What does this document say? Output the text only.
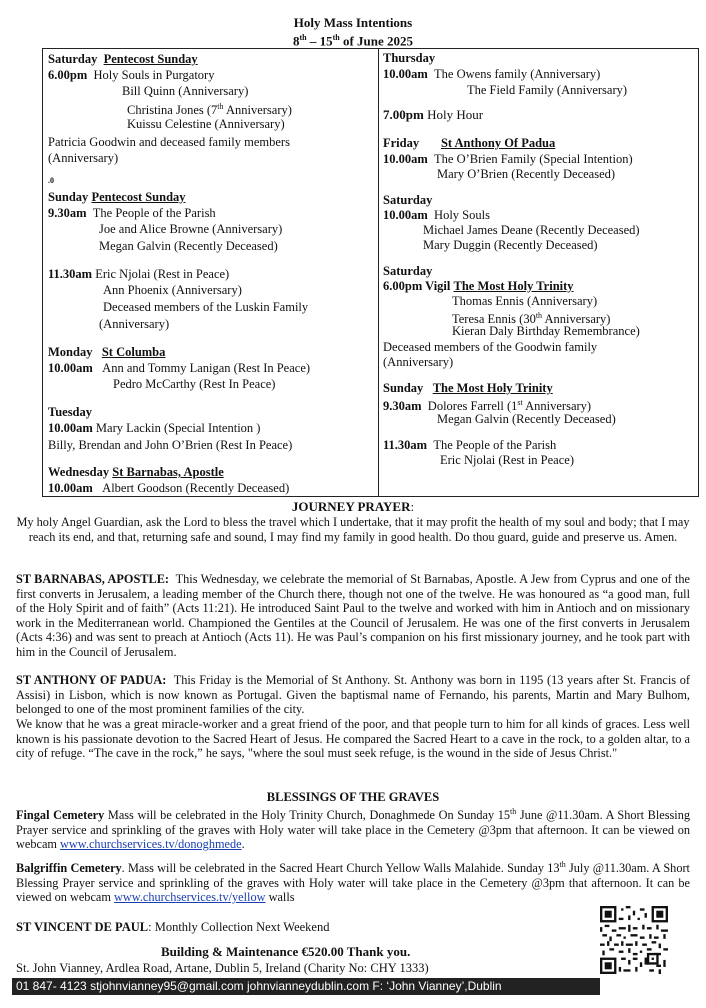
Holy Mass Intentions
8th – 15th of June 2025
Saturday Pentecost Sunday
6.00pm Holy Souls in Purgatory
Bill Quinn (Anniversary)
Christina Jones (7th Anniversary)
Kuissu Celestine (Anniversary)
Patricia Goodwin and deceased family members
(Anniversary)
.0
Sunday Pentecost Sunday
9.30am The People of the Parish
Joe and Alice Browne (Anniversary)
Megan Galvin (Recently Deceased)
11.30am Eric Njolai (Rest in Peace)
Ann Phoenix (Anniversary)
Deceased members of the Luskin Family
(Anniversary)
Monday St Columba
10.00am Ann and Tommy Lanigan (Rest In Peace)
Pedro McCarthy (Rest In Peace)
Tuesday
10.00am Mary Lackin (Special Intention )
Billy, Brendan and John O’Brien (Rest In Peace)
Wednesday St Barnabas, Apostle
10.00am Albert Goodson (Recently Deceased)
Thursday
10.00am The Owens family (Anniversary)
The Field Family (Anniversary)
7.00pm Holy Hour
Friday St Anthony Of Padua
10.00am The O’Brien Family (Special Intention)
Mary O’Brien (Recently Deceased)
Saturday
10.00am Holy Souls
Michael James Deane (Recently Deceased)
Mary Duggin (Recently Deceased)
Saturday
6.00pm Vigil The Most Holy Trinity
Thomas Ennis (Anniversary)
Teresa Ennis (30th Anniversary)
Kieran Daly Birthday Remembrance)
Deceased members of the Goodwin family
(Anniversary)
Sunday The Most Holy Trinity
9.30am  Dolores Farrell (1st Anniversary)
Megan Galvin (Recently Deceased)
11.30am The People of the Parish
Eric Njolai (Rest in Peace)
JOURNEY PRAYER:
My holy Angel Guardian, ask the Lord to bless the travel which I undertake, that it may profit the health of my soul and body; that I may reach its end, and that, returning safe and sound, I may find my family in good health. Do thou guard, guide and preserve us. Amen.
ST BARNABAS, APOSTLE: This Wednesday, we celebrate the memorial of St Barnabas, Apostle. A Jew from Cyprus and one of the first converts in Jerusalem, a leading member of the Church there, though not one of the twelve. He was honoured as “a good man, full of the Holy Spirit and of faith” (Acts 11:21). He introduced Saint Paul to the twelve and worked with him in Antioch and on missionary work in the Mediterranean world. Championed the Gentiles at the Council of Jerusalem. He was one of the first converts in Jerusalem (Acts 4:36) and was sent to preach at Antioch (Acts 11). He was Paul’s companion on his first missionary journey, and he took part with him in the Council of Jerusalem.
ST ANTHONY OF PADUA: This Friday is the Memorial of St Anthony. St. Anthony was born in 1195 (13 years after St. Francis of Assisi) in Lisbon, which is now known as Portugal. Given the baptismal name of Fernando, his parents, Martin and Mary Bulhom, belonged to one of the most prominent families of the city.
We know that he was a great miracle-worker and a great friend of the poor, and that people turn to him for all kinds of graces. Less well known is his passionate devotion to the Sacred Heart of Jesus. He compared the Sacred Heart to a cave in the rock, to a golden altar, to a city of refuge. “The cave in the rock,” he says, "where the soul must seek refuge, is the wound in the side of Jesus Christ."
BLESSINGS OF THE GRAVES
Fingal Cemetery Mass will be celebrated in the Holy Trinity Church, Donaghmede On Sunday 15th June @11.30am. A Short Blessing Prayer service and sprinkling of the graves with Holy water will take place in the Cemetery @3pm that afternoon. It can be viewed on webcam www.churchservices.tv/donoghmede.
Balgriffin Cemetery. Mass will be celebrated in the Sacred Heart Church Yellow Walls Malahide. Sunday 13th July @11.30am. A Short Blessing Prayer service and sprinkling of the graves with Holy water will take place in the Cemetery @3pm that afternoon. It can be viewed on webcam www.churchservices.tv/yellow walls
ST VINCENT DE PAUL: Monthly Collection Next Weekend
Building & Maintenance €520.00 Thank you.
St. John Vianney, Ardlea Road, Artane, Dublin 5, Ireland (Charity No: CHY 1333)
01 847- 4123 stjohnvianney95@gmail.com johnvianneydublin.com F: ‘John Vianney’,Dublin
